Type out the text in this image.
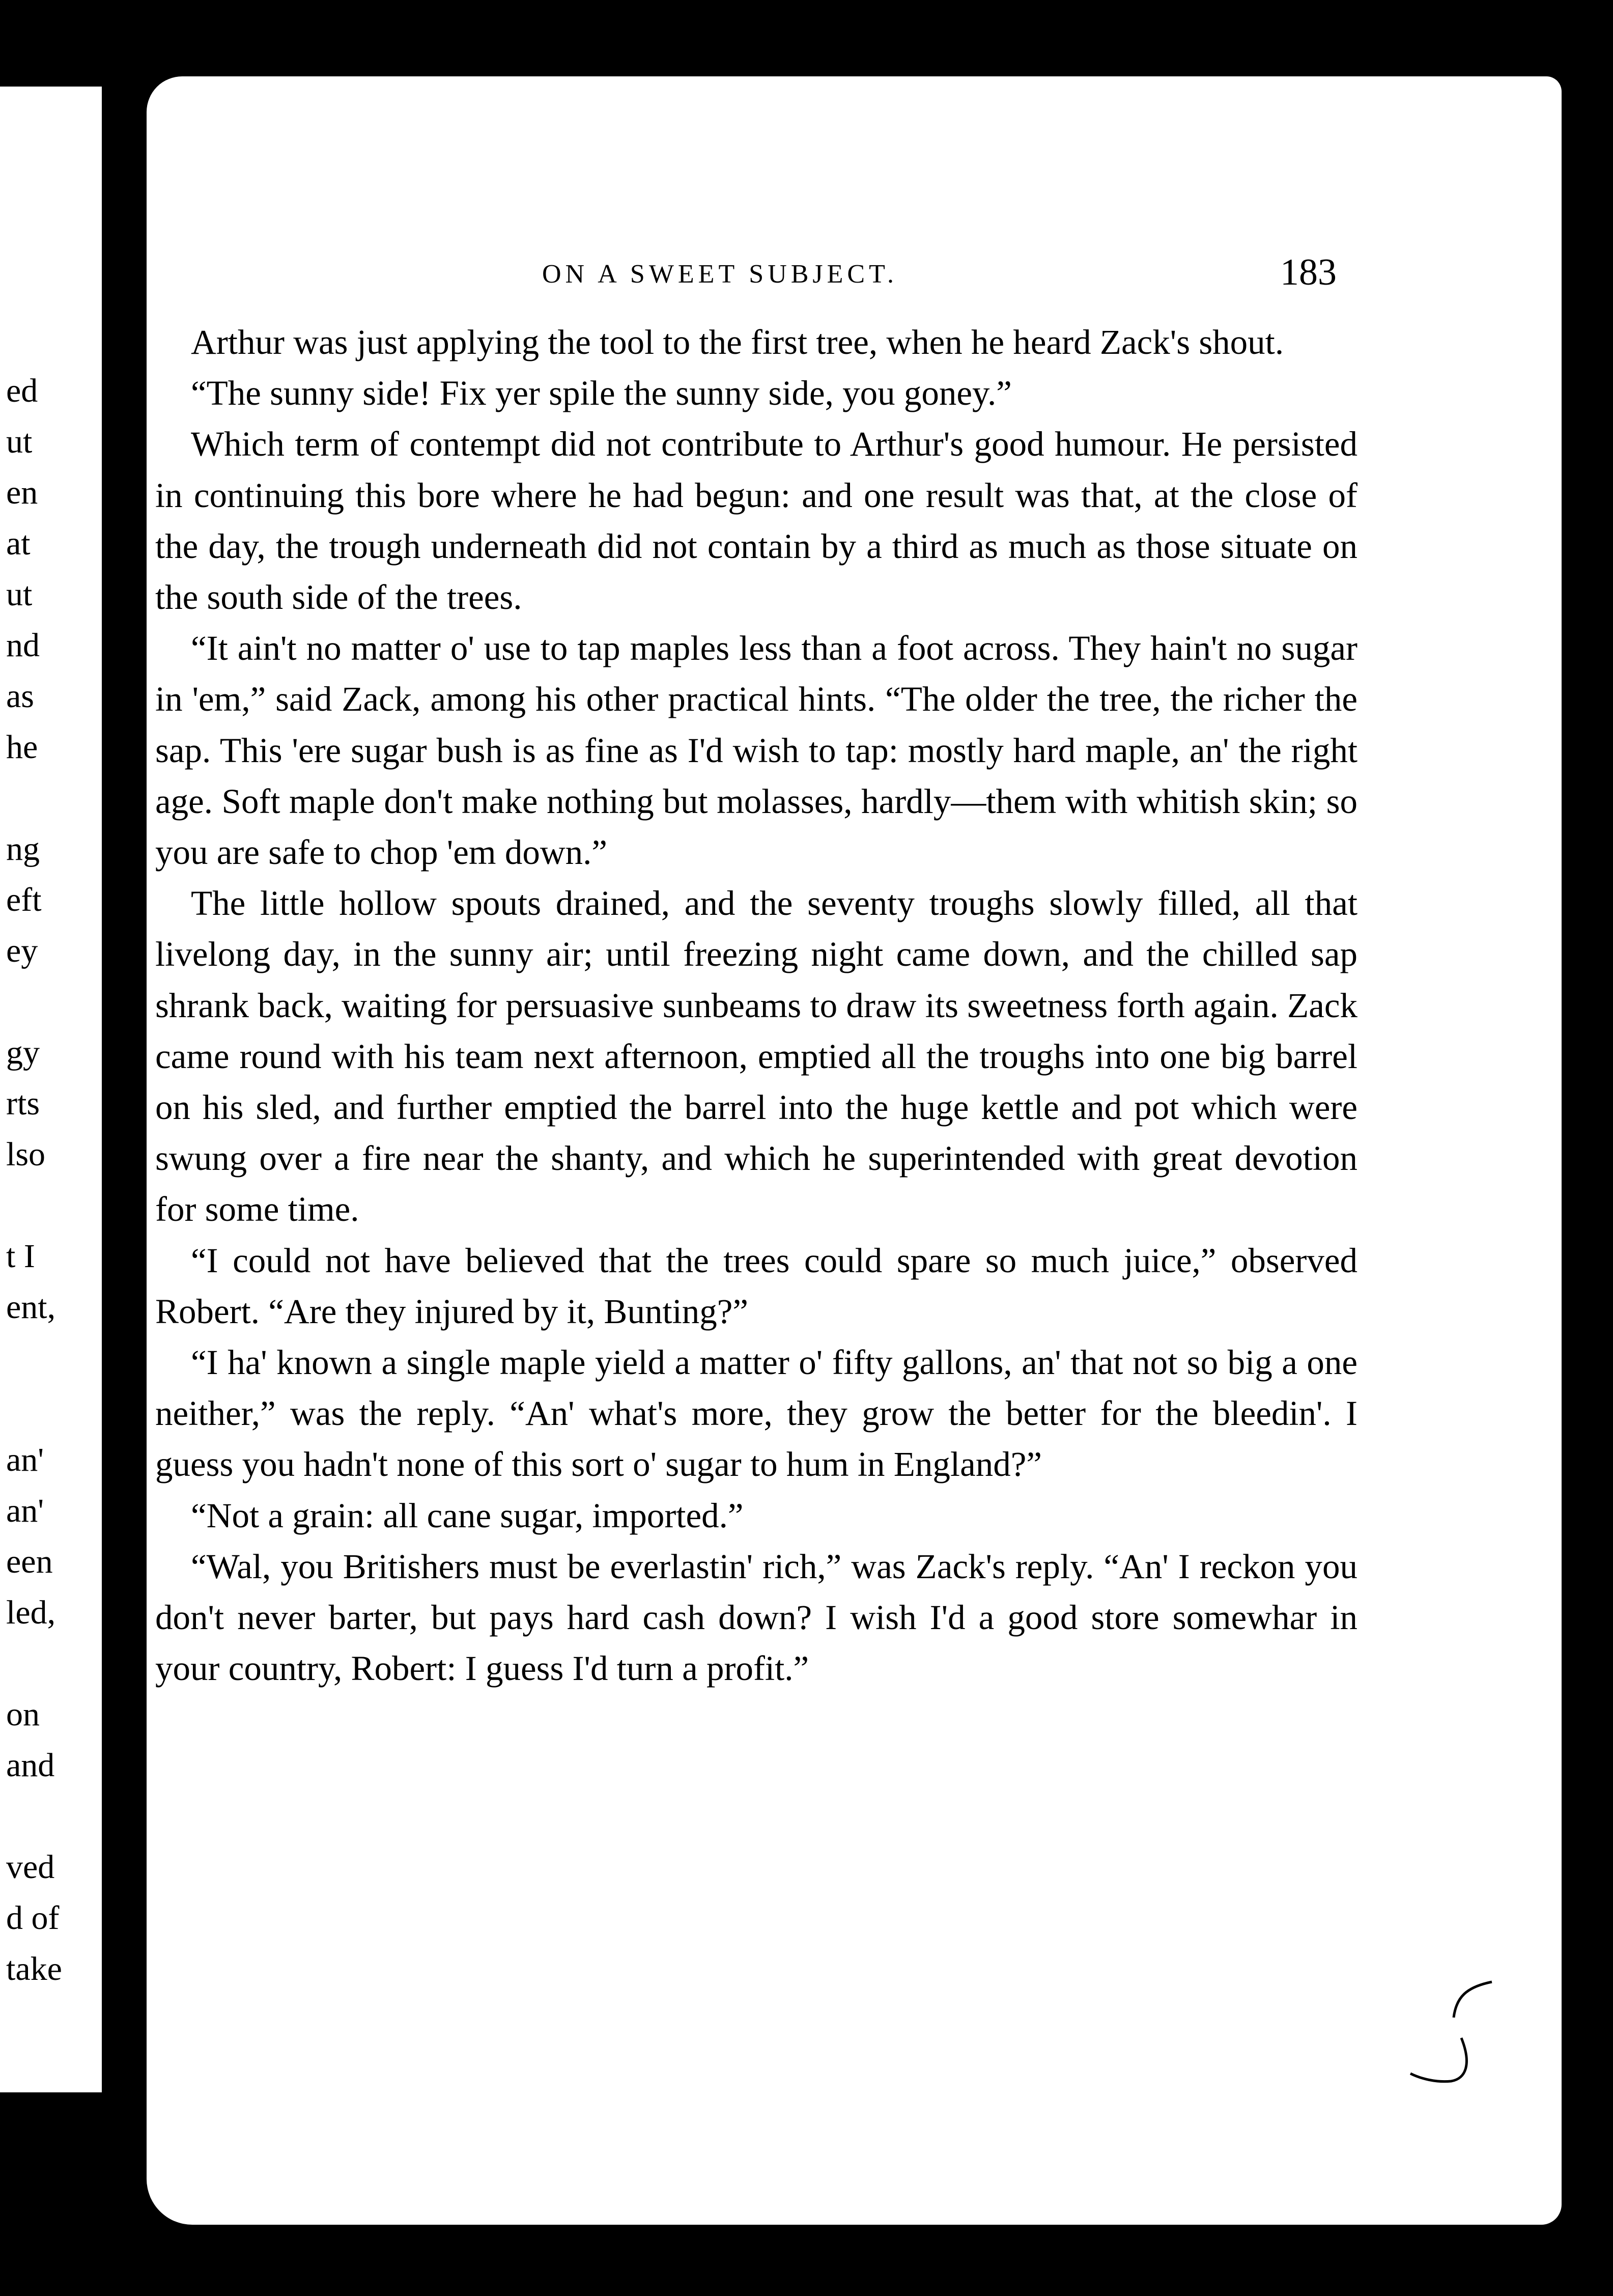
ed
ut
en
at
ut
nd
as
he
ng
eft
ey
gy
rts
lso
t I
ent,
an'
an'
een
led,
on
and
ved
d of
take
ON A SWEET SUBJECT.	183

Arthur was just applying the tool to the first tree, when he heard Zack's shout.

“The sunny side! Fix yer spile the sunny side, you goney.”

Which term of contempt did not contribute to Arthur's good humour. He persisted in continuing this bore where he had begun: and one result was that, at the close of the day, the trough underneath did not contain by a third as much as those situate on the south side of the trees.

“It ain't no matter o' use to tap maples less than a foot across. They hain't no sugar in 'em,” said Zack, among his other practical hints. “The older the tree, the richer the sap. This 'ere sugar bush is as fine as I'd wish to tap: mostly hard maple, an' the right age. Soft maple don't make nothing but molasses, hardly—them with whitish skin; so you are safe to chop 'em down.”

The little hollow spouts drained, and the seventy troughs slowly filled, all that livelong day, in the sunny air; until freezing night came down, and the chilled sap shrank back, waiting for persuasive sunbeams to draw its sweetness forth again. Zack came round with his team next afternoon, emptied all the troughs into one big barrel on his sled, and further emptied the barrel into the huge kettle and pot which were swung over a fire near the shanty, and which he superintended with great devotion for some time.

“I could not have believed that the trees could spare so much juice,” observed Robert. “Are they injured by it, Bunting?”

“I ha' known a single maple yield a matter o' fifty gallons, an' that not so big a one neither,” was the reply. “An' what's more, they grow the better for the bleedin'. I guess you hadn't none of this sort o' sugar to hum in England?”

“Not a grain: all cane sugar, imported.”

“Wal, you Britishers must be everlastin' rich,” was Zack's reply. “An' I reckon you don't never barter, but pays hard cash down? I wish I'd a good store somewhar in your country, Robert: I guess I'd turn a profit.”
